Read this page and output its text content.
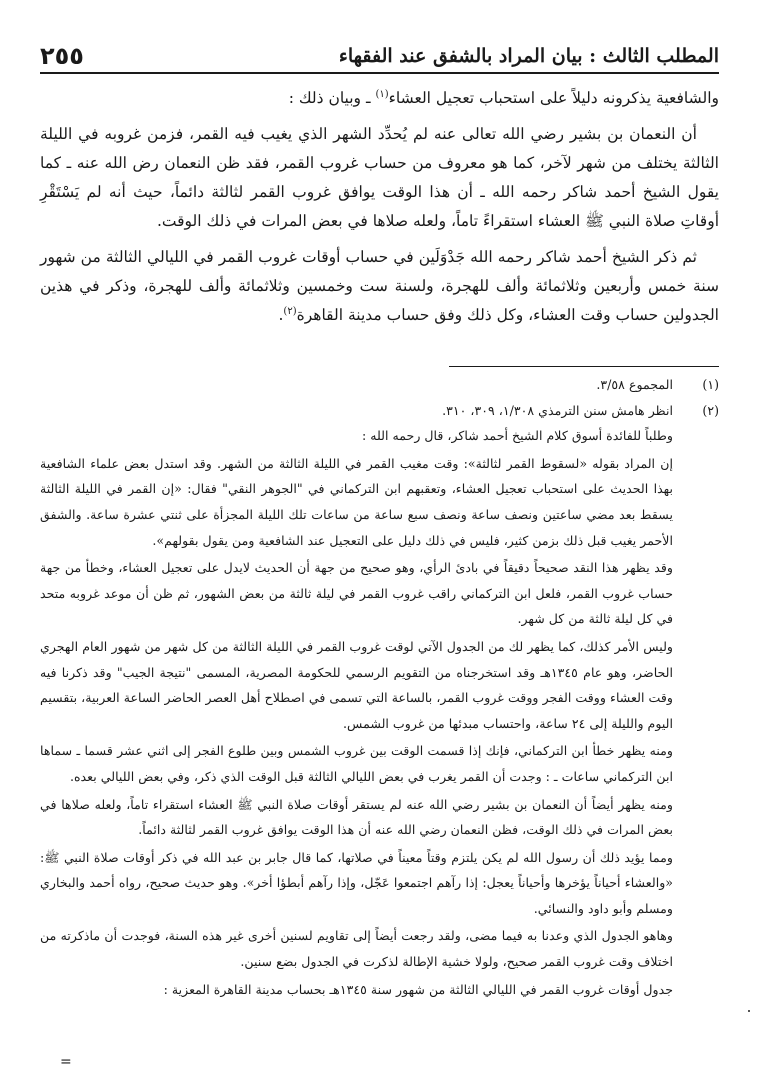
٢٥٥	المطلب الثالث : بيان المراد بالشفق عند الفقهاء

والشافعية يذكرونه دليلاً على استحباب تعجيل العشاء$^{(١)}$ ـ وبيان ذلك :

أن النعمان بن بشير رضي الله تعالى عنه لم يُحدِّد الشهر الذي يغيب فيه القمر، فزمن غروبه في الليلة الثالثة يختلف من شهر لآخر، كما هو معروف من حساب غروب القمر، فقد ظن النعمان رض الله عنه ـ كما يقول الشيخ أحمد شاكر رحمه الله ـ أن هذا الوقت يوافق غروب القمر لثالثة دائماً، حيث أنه لم يَسْتَقْرِ أوقاتِ صلاة النبي ﷺ العشاء استقراءً تاماً، ولعله صلاها في بعض المرات في ذلك الوقت.

ثم ذكر الشيخ أحمد شاكر رحمه الله جَدْوَلَين في حساب أوقات غروب القمر في الليالي الثالثة من شهور سنة خمس وأربعين وثلاثمائة وألف للهجرة، ولسنة ست وخمسين وثلاثمائة وألف للهجرة، وذكر في هذين الجدولين حساب وقت العشاء، وكل ذلك وفق حساب مدينة القاهرة$^{(٢)}$.

(١)
المجموع ٣/٥٨.
(٢)
انظر هامش سنن الترمذي ١/٣٠٨، ٣٠٩، ٣١٠.

وطلباً للفائدة أسوق كلام الشيخ أحمد شاكر، قال رحمه الله :

إن المراد بقوله «لسقوط القمر لثالثة»: وقت مغيب القمر في الليلة الثالثة من الشهر. وقد استدل بعض علماء الشافعية بهذا الحديث على استحباب تعجيل العشاء، وتعقبهم ابن التركماني في "الجوهر النقي" فقال: «إن القمر في الليلة الثالثة يسقط بعد مضي ساعتين ونصف ساعة ونصف سبع ساعة من ساعات تلك الليلة المجزأة على ثنتي عشرة ساعة. والشفق الأحمر يغيب قبل ذلك بزمن كثير، فليس في ذلك دليل على التعجيل عند الشافعية ومن يقول بقولهم».

وقد يظهر هذا النقد صحيحاً دقيقاً في بادئ الرأي، وهو صحيح من جهة أن الحديث لايدل على تعجيل العشاء، وخطأ من جهة حساب غروب القمر، فلعل ابن التركماني راقب غروب القمر في ليلة ثالثة من بعض الشهور، ثم ظن أن موعد غروبه متحد في كل ليلة ثالثة من كل شهر.

وليس الأمر كذلك، كما يظهر لك من الجدول الآتي لوقت غروب القمر في الليلة الثالثة من كل شهر من شهور العام الهجري الحاضر، وهو عام ١٣٤٥هـ وقد استخرجناه من التقويم الرسمي للحكومة المصرية، المسمى "نتيجة الجيب" وقد ذكرنا فيه وقت العشاء ووقت الفجر ووقت غروب القمر، بالساعة التي تسمى في اصطلاح أهل العصر الحاضر الساعة العربية، بتقسيم اليوم والليلة إلى ٢٤ ساعة، واحتساب مبدئها من غروب الشمس.

ومنه يظهر خطأ ابن التركماني، فإنك إذا قسمت الوقت بين غروب الشمس وبين طلوع الفجر إلى اثني عشر قسما ـ سماها ابن التركماني ساعات ـ : وجدت أن القمر يغرب في بعض الليالي الثالثة قبل الوقت الذي ذكر، وفي بعض الليالي بعده.

ومنه يظهر أيضاً أن النعمان بن بشير رضي الله عنه لم يستقر أوقات صلاة النبي ﷺ العشاء استقراء تاماً، ولعله صلاها في بعض المرات في ذلك الوقت، فظن النعمان رضي الله عنه أن هذا الوقت يوافق غروب القمر لثالثة دائماً.

ومما يؤيد ذلك أن رسول الله لم يكن يلتزم وقتاً معيناً في صلاتها، كما قال جابر بن عبد الله في ذكر أوقات صلاة النبي ﷺ: «والعشاء أحياناً يؤخرها وأحياناً يعجل: إذا رآهم اجتمعوا عَجّل، وإذا رآهم أبطؤا أخر». وهو حديث صحيح، رواه أحمد والبخاري ومسلم وأبو داود والنسائي.

وهاهو الجدول الذي وعدنا به فيما مضى، ولقد رجعت أيضاً إلى تقاويم لسنين أخرى غير هذه السنة، فوجدت أن ماذكرته من اختلاف وقت غروب القمر صحيح، ولولا خشية الإطالة لذكرت في الجدول بضع سنين.

جدول أوقات غروب القمر في الليالي الثالثة من شهور سنة ١٣٤٥هـ بحساب مدينة القاهرة المعزية :

=
